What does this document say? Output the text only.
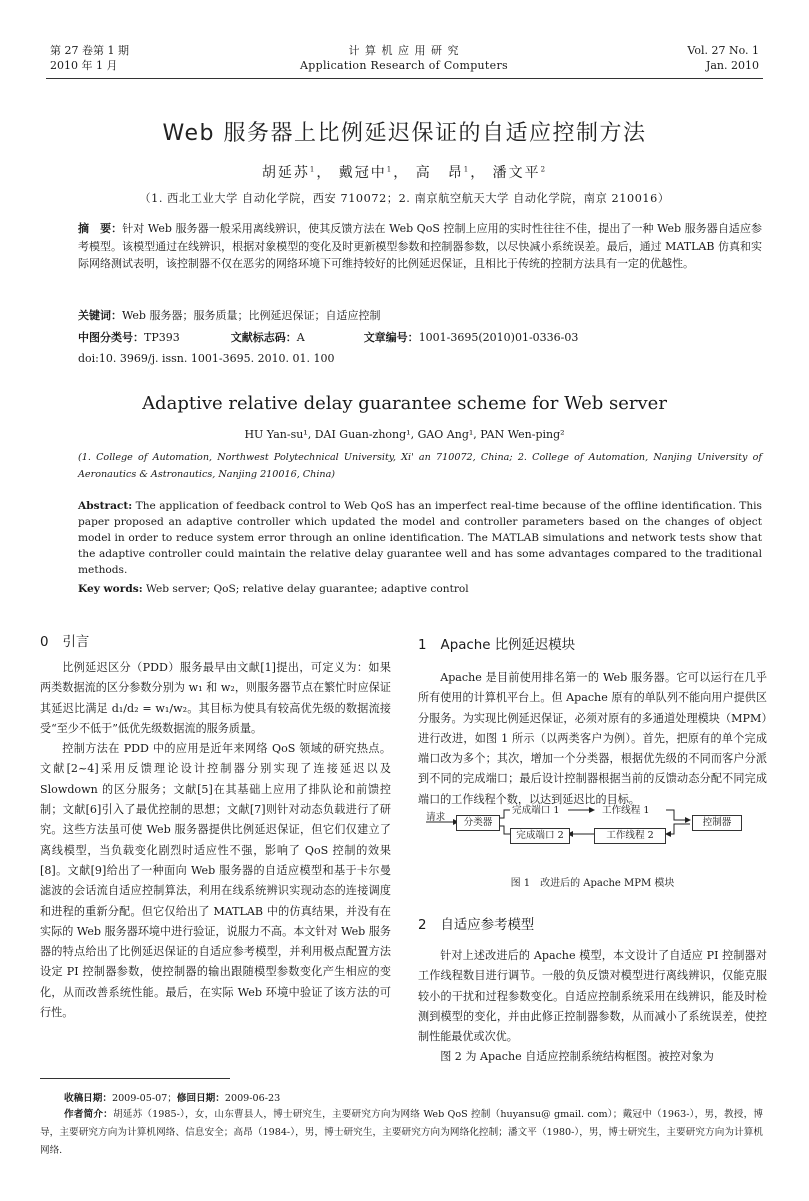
第 27 卷第 1 期
2010 年 1 月
计 算 机 应 用 研 究
Application Research of Computers
Vol. 27 No. 1
Jan. 2010
Web 服务器上比例延迟保证的自适应控制方法
胡延苏$^1$， 戴冠中$^1$， 高　昂$^1$， 潘文平$^2$
（1. 西北工业大学 自动化学院，西安 710072；2. 南京航空航天大学 自动化学院，南京 210016）
摘　要：针对 Web 服务器一般采用离线辨识，使其反馈方法在 Web QoS 控制上应用的实时性往往不佳，提出了一种 Web 服务器自适应参考模型。该模型通过在线辨识，根据对象模型的变化及时更新模型参数和控制器参数，以尽快减小系统误差。最后，通过 MATLAB 仿真和实际网络测试表明，该控制器不仅在恶劣的网络环境下可维持较好的比例延迟保证，且相比于传统的控制方法具有一定的优越性。
关键词：Web 服务器；服务质量；比例延迟保证；自适应控制
中图分类号：TP393	文献标志码：A	文章编号：1001-3695(2010)01-0336-03
doi:10. 3969/j. issn. 1001-3695. 2010. 01. 100
Adaptive relative delay guarantee scheme for Web server
HU Yan-su¹, DAI Guan-zhong¹, GAO Ang¹, PAN Wen-ping²
(1. College of Automation, Northwest Polytechnical University, Xi' an 710072, China; 2. College of Automation, Nanjing University of Aeronautics & Astronautics, Nanjing 210016, China)
Abstract: The application of feedback control to Web QoS has an imperfect real-time because of the offline identification. This paper proposed an adaptive controller which updated the model and controller parameters based on the changes of object model in order to reduce system error through an online identification. The MATLAB simulations and network tests show that the adaptive controller could maintain the relative delay guarantee well and has some advantages compared to the traditional methods.
Key words: Web server; QoS; relative delay guarantee; adaptive control
0 引言

比例延迟区分（PDD）服务最早由文献[1]提出，可定义为：如果两类数据流的区分参数分别为 w₁ 和 w₂，则服务器节点在繁忙时应保证其延迟比满足 d₁/d₂ = w₁/w₂。其目标为使具有较高优先级的数据流接受“至少不低于”低优先级数据流的服务质量。

控制方法在 PDD 中的应用是近年来网络 QoS 领域的研究热点。文献[2~4]采用反馈理论设计控制器分别实现了连接延迟以及 Slowdown 的区分服务；文献[5]在其基础上应用了排队论和前馈控制；文献[6]引入了最优控制的思想；文献[7]则针对动态负载进行了研究。这些方法虽可使 Web 服务器提供比例延迟保证，但它们仅建立了离线模型，当负载变化剧烈时适应性不强，影响了 QoS 控制的效果[8]。文献[9]给出了一种面向 Web 服务器的自适应模型和基于卡尔曼滤波的会话流自适应控制算法，利用在线系统辨识实现动态的连接调度和进程的重新分配。但它仅给出了 MATLAB 中的仿真结果，并没有在实际的 Web 服务器环境中进行验证，说服力不高。本文针对 Web 服务器的特点给出了比例延迟保证的自适应参考模型，并利用极点配置方法设定 PI 控制器参数，使控制器的输出跟随模型参数变化产生相应的变化，从而改善系统性能。最后，在实际 Web 环境中验证了该方法的可行性。

1 Apache 比例延迟模块

Apache 是目前使用排名第一的 Web 服务器。它可以运行在几乎所有使用的计算机平台上。但 Apache 原有的单队列不能向用户提供区分服务。为实现比例延迟保证，必须对原有的多通道处理模块（MPM）进行改进，如图 1 所示（以两类客户为例）。首先，把原有的单个完成端口改为多个；其次，增加一个分类器，根据优先级的不同而客户分派到不同的完成端口；最后设计控制器根据当前的反馈动态分配不同完成端口的工作线程个数，以达到延迟比的目标。

请求	分类器
完成端口 1
完成端口 2
工作线程 1
工作线程 2
控制器
图 1　改进后的 Apache MPM 模块
2 自适应参考模型

针对上述改进后的 Apache 模型，本文设计了自适应 PI 控制器对工作线程数目进行调节。一般的负反馈对模型进行离线辨识，仅能克服较小的干扰和过程参数变化。自适应控制系统采用在线辨识，能及时检测到模型的变化，并由此修正控制器参数，从而减小了系统误差，使控制性能最优或次优。

图 2 为 Apache 自适应控制系统结构框图。被控对象为

收稿日期：2009-05-07；修回日期：2009-06-23
作者简介：胡延苏（1985-），女，山东曹县人，博士研究生，主要研究方向为网络 Web QoS 控制（huyansu@ gmail. com）；戴冠中（1963-），男，教授，博导，主要研究方向为计算机网络、信息安全；高昂（1984-），男，博士研究生，主要研究方向为网络化控制；潘文平（1980-），男，博士研究生，主要研究方向为计算机网络.
